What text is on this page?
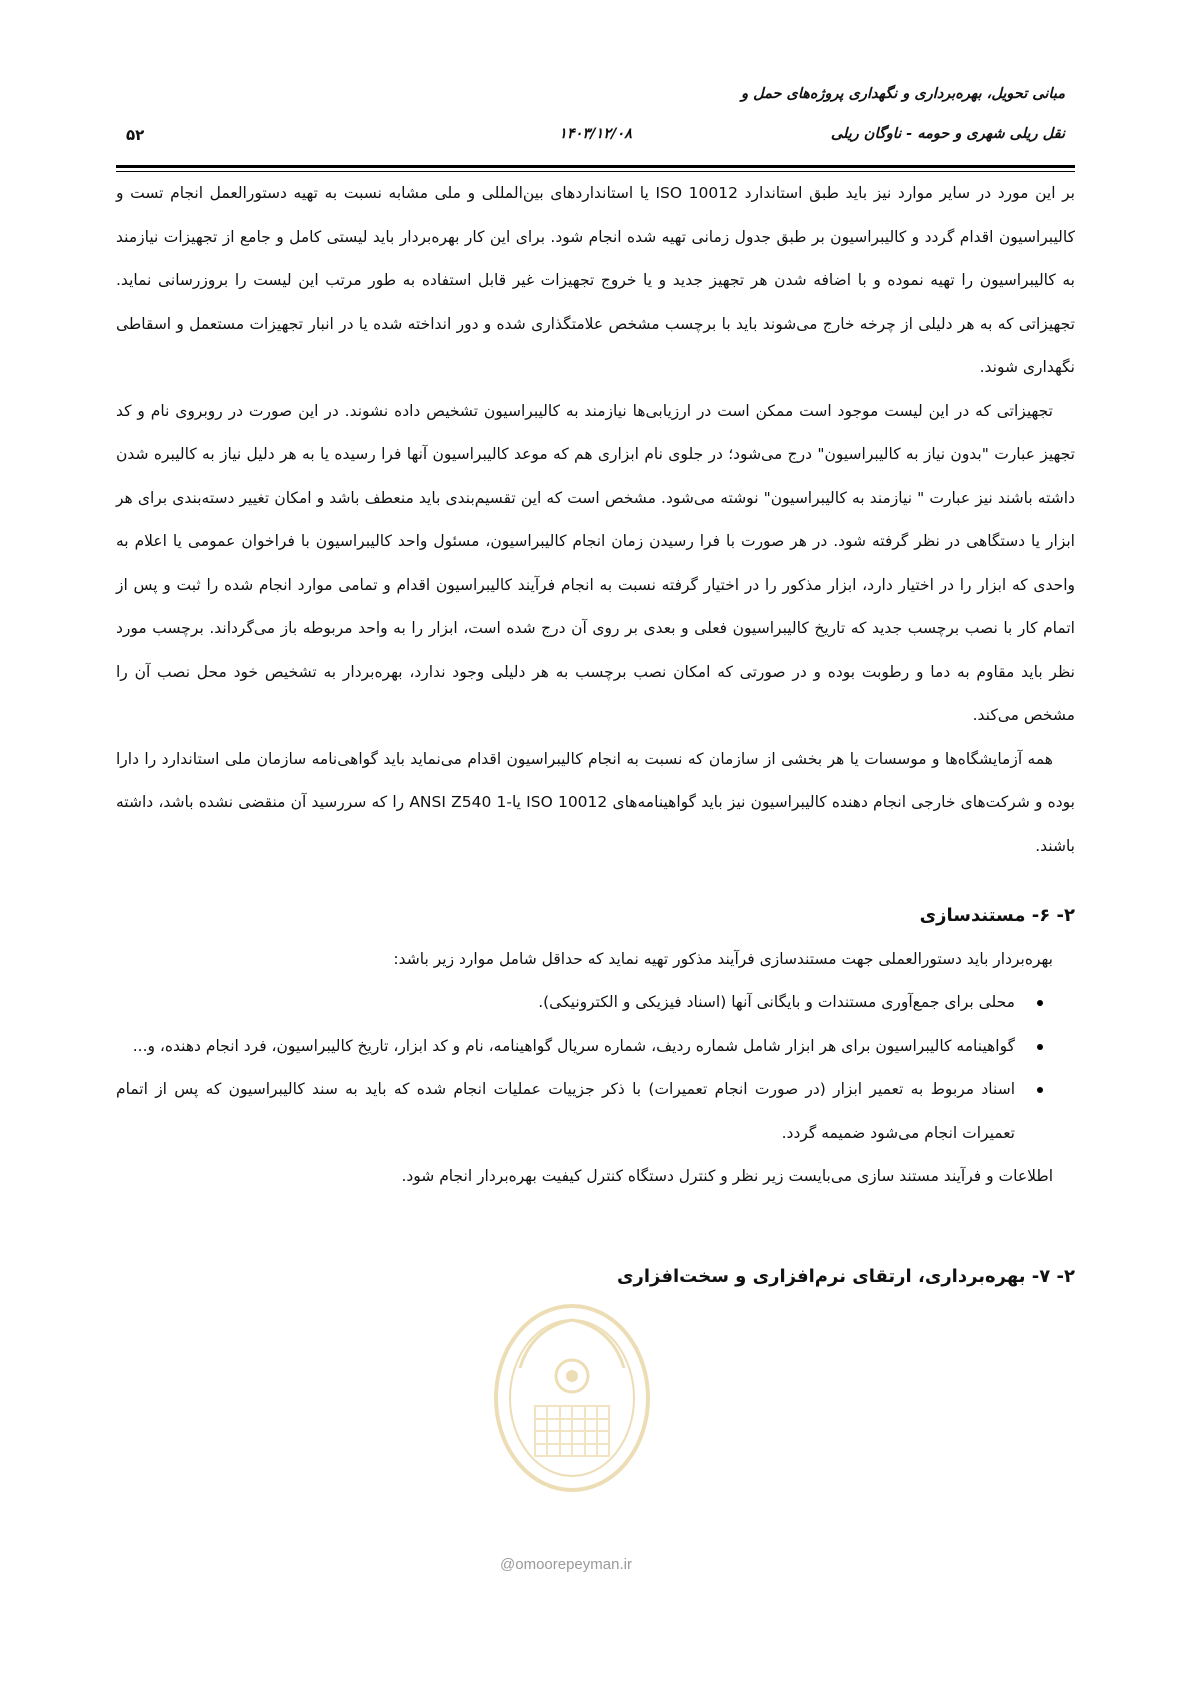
مبانی تحویل، بهره‌برداری و نگهداری پروژه‌های حمل و
نقل ریلی شهری و حومه - ناوگان ریلی
۱۴۰۳/۱۲/۰۸
۵۲

بر این مورد در سایر موارد نیز باید طبق استاندارد ISO 10012 یا استانداردهای بین‌المللی و ملی مشابه نسبت به تهیه دستورالعمل انجام تست و کالیبراسیون اقدام گردد و کالیبراسیون بر طبق جدول زمانی تهیه شده انجام شود. برای این کار بهره‌بردار باید لیستی کامل و جامع از تجهیزات نیازمند به کالیبراسیون را تهیه نموده و با اضافه شدن هر تجهیز جدید و یا خروج تجهیزات غیر قابل استفاده به طور مرتب این لیست را بروزرسانی نماید. تجهیزاتی که به هر دلیلی از چرخه خارج می‌شوند باید با برچسب مشخص علامتگذاری شده و دور انداخته شده یا در انبار تجهیزات مستعمل و اسقاطی نگهداری شوند.

تجهیزاتی که در این لیست موجود است ممکن است در ارزیابی‌ها نیازمند به کالیبراسیون تشخیص داده نشوند. در این صورت در روبروی نام و کد تجهیز عبارت "بدون نیاز به کالیبراسیون" درج می‌شود؛ در جلوی نام ابزاری هم که موعد کالیبراسیون آنها فرا رسیده یا به هر دلیل نیاز به کالیبره شدن داشته باشند نیز عبارت " نیازمند به کالیبراسیون" نوشته می‌شود. مشخص است که این تقسیم‌بندی باید منعطف باشد و امکان تغییر دسته‌بندی برای هر ابزار یا دستگاهی در نظر گرفته شود. در هر صورت با فرا رسیدن زمان انجام کالیبراسیون، مسئول واحد کالیبراسیون با فراخوان عمومی یا اعلام به واحدی که ابزار را در اختیار دارد، ابزار مذکور را در اختیار گرفته نسبت به انجام فرآیند کالیبراسیون اقدام و تمامی موارد انجام شده را ثبت و پس از اتمام کار با نصب برچسب جدید که تاریخ کالیبراسیون فعلی و بعدی بر روی آن درج شده است، ابزار را به واحد مربوطه باز می‌گرداند. برچسب مورد نظر باید مقاوم به دما و رطوبت بوده و در صورتی که امکان نصب برچسب به هر دلیلی وجود ندارد، بهره‌بردار به تشخیص خود محل نصب آن را مشخص می‌کند.

همه آزمایشگاه‌ها و موسسات یا هر بخشی از سازمان که نسبت به انجام کالیبراسیون اقدام می‌نماید باید گواهی‌نامه سازمان ملی استاندارد را دارا بوده و شرکت‌های خارجی انجام دهنده کالیبراسیون نیز باید گواهینامه‌های ISO 10012 یا-ANSI Z540 1 را که سررسید آن منقضی نشده باشد، داشته باشند.

۲- ۶- مستندسازی

بهره‌بردار باید دستورالعملی جهت مستندسازی فرآیند مذکور تهیه نماید که حداقل شامل موارد زیر باشد:

محلی برای جمع‌آوری مستندات و بایگانی آنها (اسناد فیزیکی و الکترونیکی).
گواهینامه کالیبراسیون برای هر ابزار شامل شماره ردیف، شماره سریال گواهینامه، نام و کد ابزار، تاریخ کالیبراسیون، فرد انجام دهنده، و...
اسناد مربوط به تعمیر ابزار (در صورت انجام تعمیرات) با ذکر جزییات عملیات انجام شده که باید به سند کالیبراسیون که پس از اتمام تعمیرات انجام می‌شود ضمیمه گردد.

اطلاعات و فرآیند مستند سازی می‌بایست زیر نظر و کنترل دستگاه کنترل کیفیت بهره‌بردار انجام شود.

۲- ۷- بهره‌برداری، ارتقای نرم‌افزاری و سخت‌افزاری
@omoorepeyman.ir
